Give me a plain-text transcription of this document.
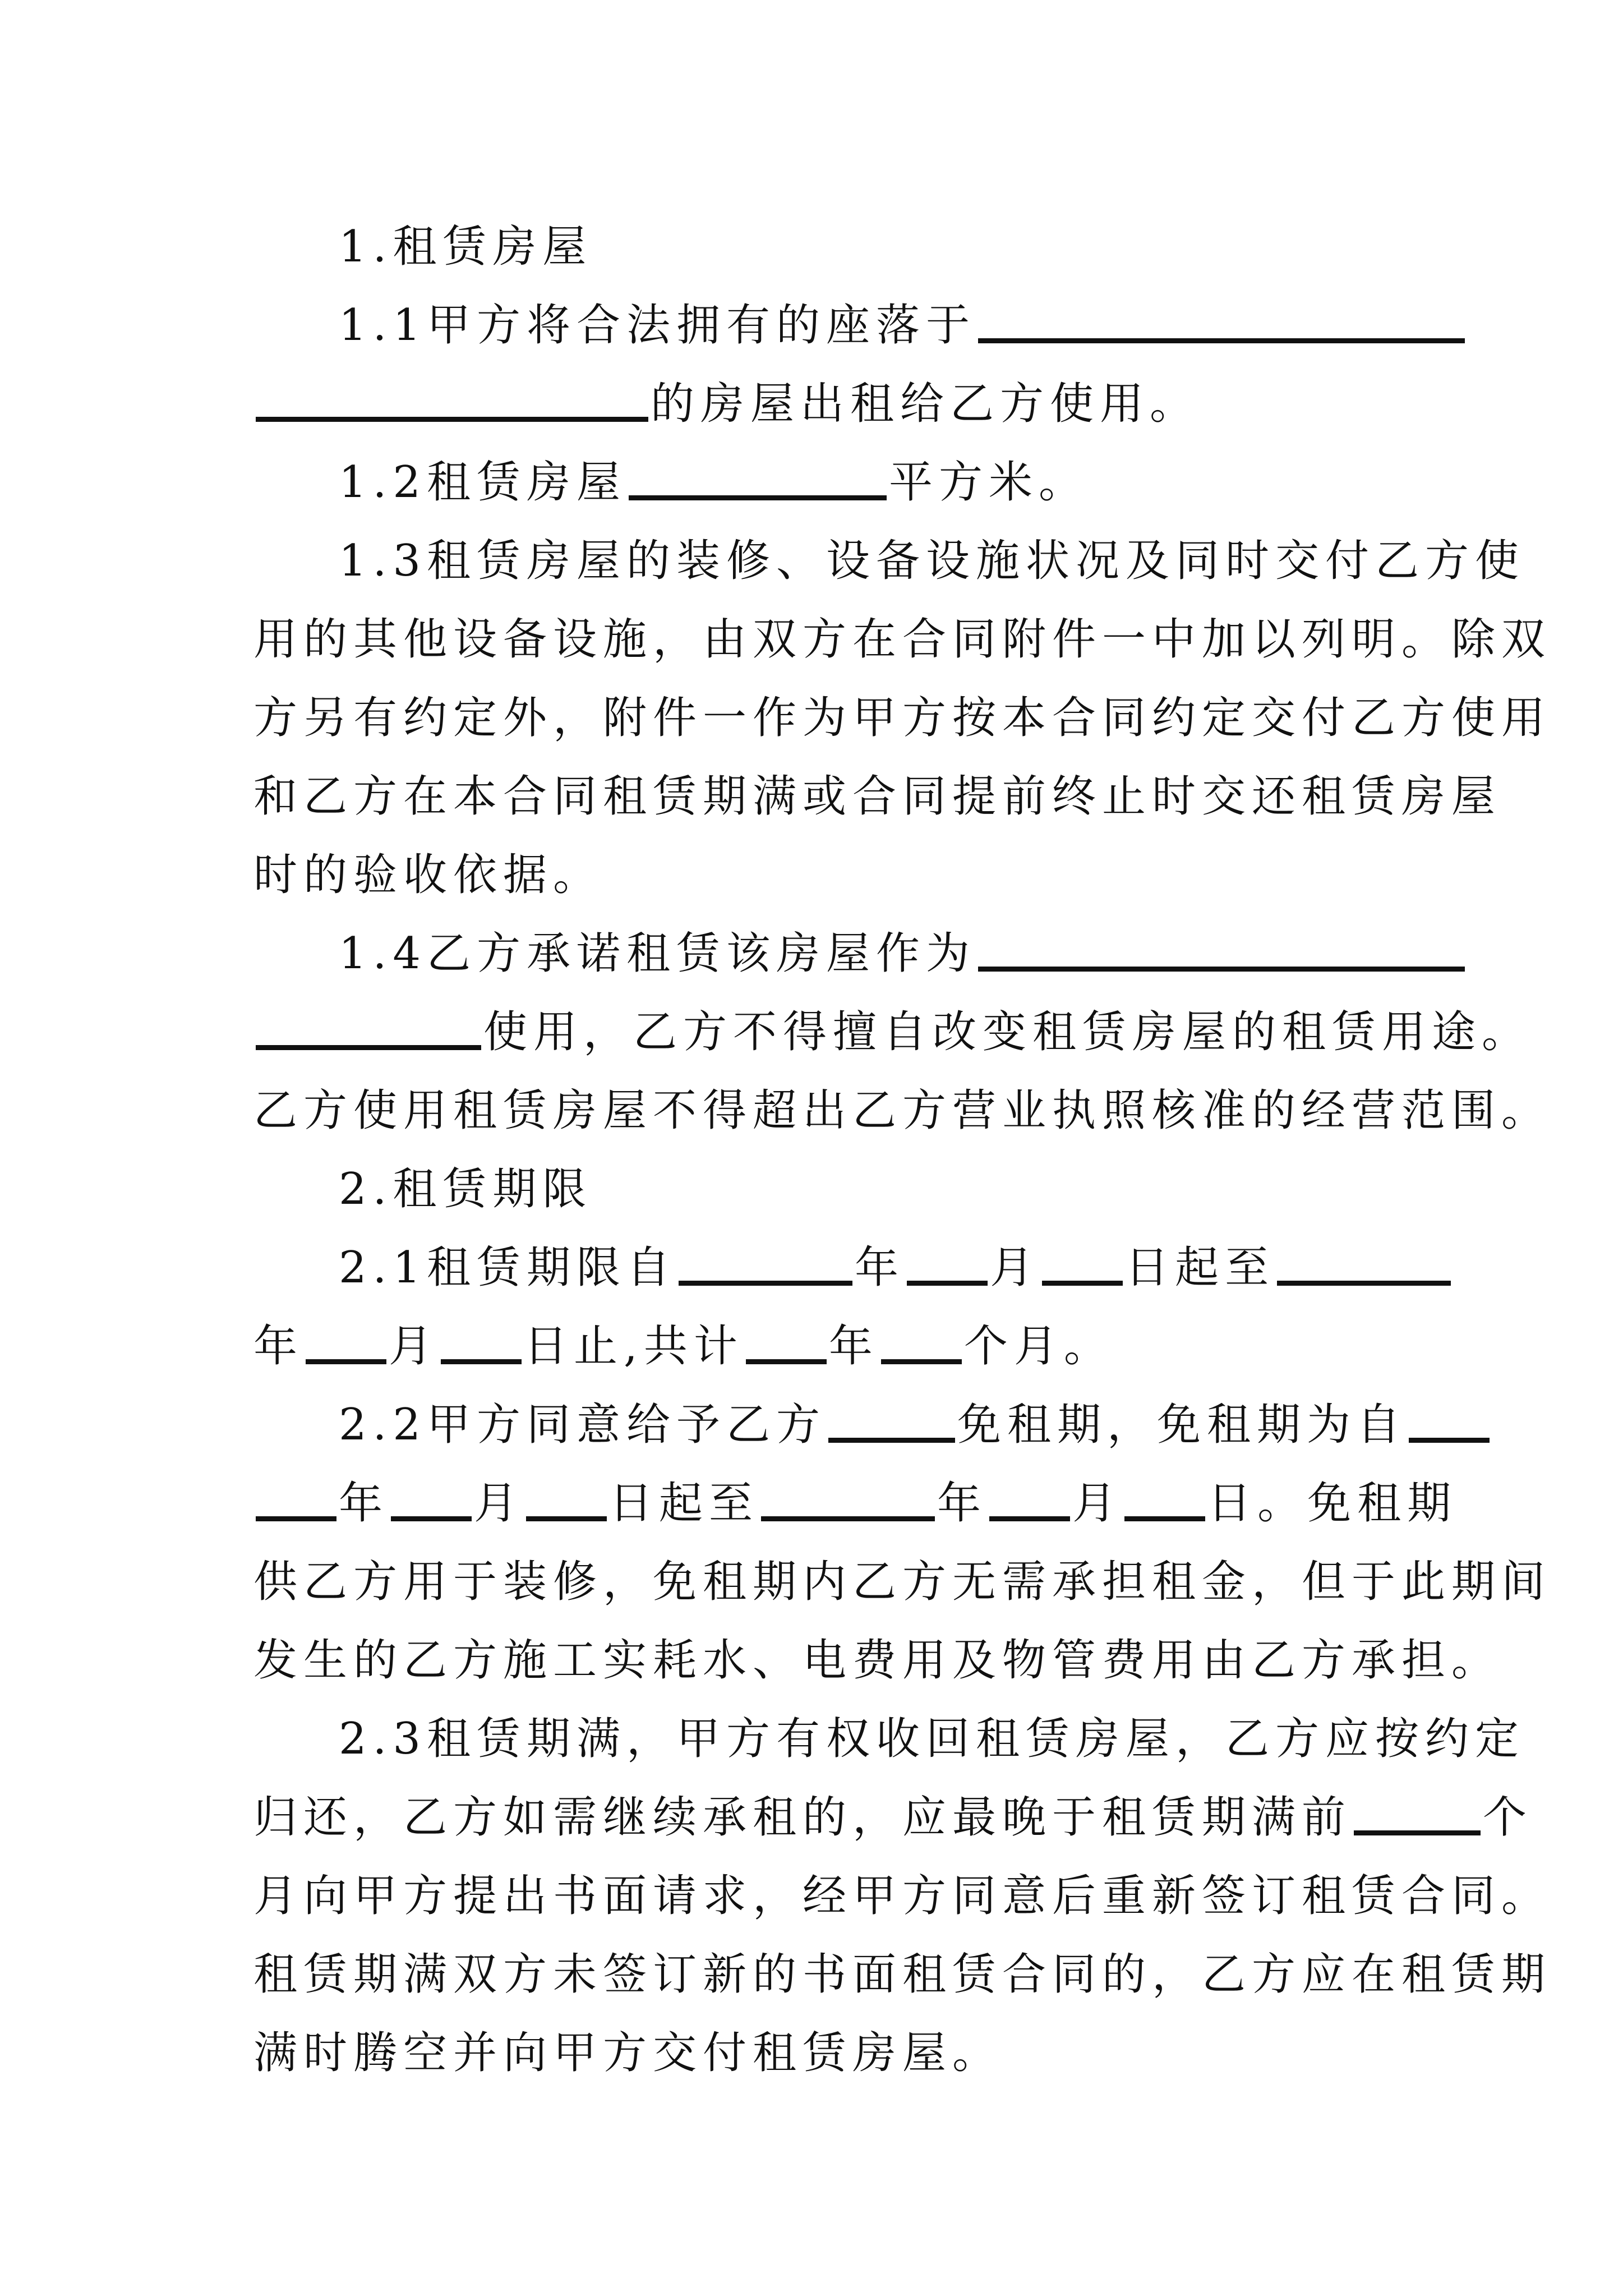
1.租赁房屋
1.1甲方将合法拥有的座落于
的房屋出租给乙方使用。
1.2租赁房屋	平方米。
1.3租赁房屋的装修、设备设施状况及同时交付乙方使
用的其他设备设施，由双方在合同附件一中加以列明。除双
方另有约定外，附件一作为甲方按本合同约定交付乙方使用
和乙方在本合同租赁期满或合同提前终止时交还租赁房屋
时的验收依据。
1.4乙方承诺租赁该房屋作为
使用，乙方不得擅自改变租赁房屋的租赁用途。
乙方使用租赁房屋不得超出乙方营业执照核准的经营范围。
2.租赁期限
2.1租赁期限自	年 月 日起至
年 月 日止,共计 年 个月。
2.2甲方同意给予乙方	免租期，免租期为自
年 月 日起至	年 月 日。免租期
供乙方用于装修，免租期内乙方无需承担租金，但于此期间
发生的乙方施工实耗水、电费用及物管费用由乙方承担。
2.3租赁期满，甲方有权收回租赁房屋，乙方应按约定
归还，乙方如需继续承租的，应最晚于租赁期满前	个
月向甲方提出书面请求，经甲方同意后重新签订租赁合同。
租赁期满双方未签订新的书面租赁合同的，乙方应在租赁期
满时腾空并向甲方交付租赁房屋。
